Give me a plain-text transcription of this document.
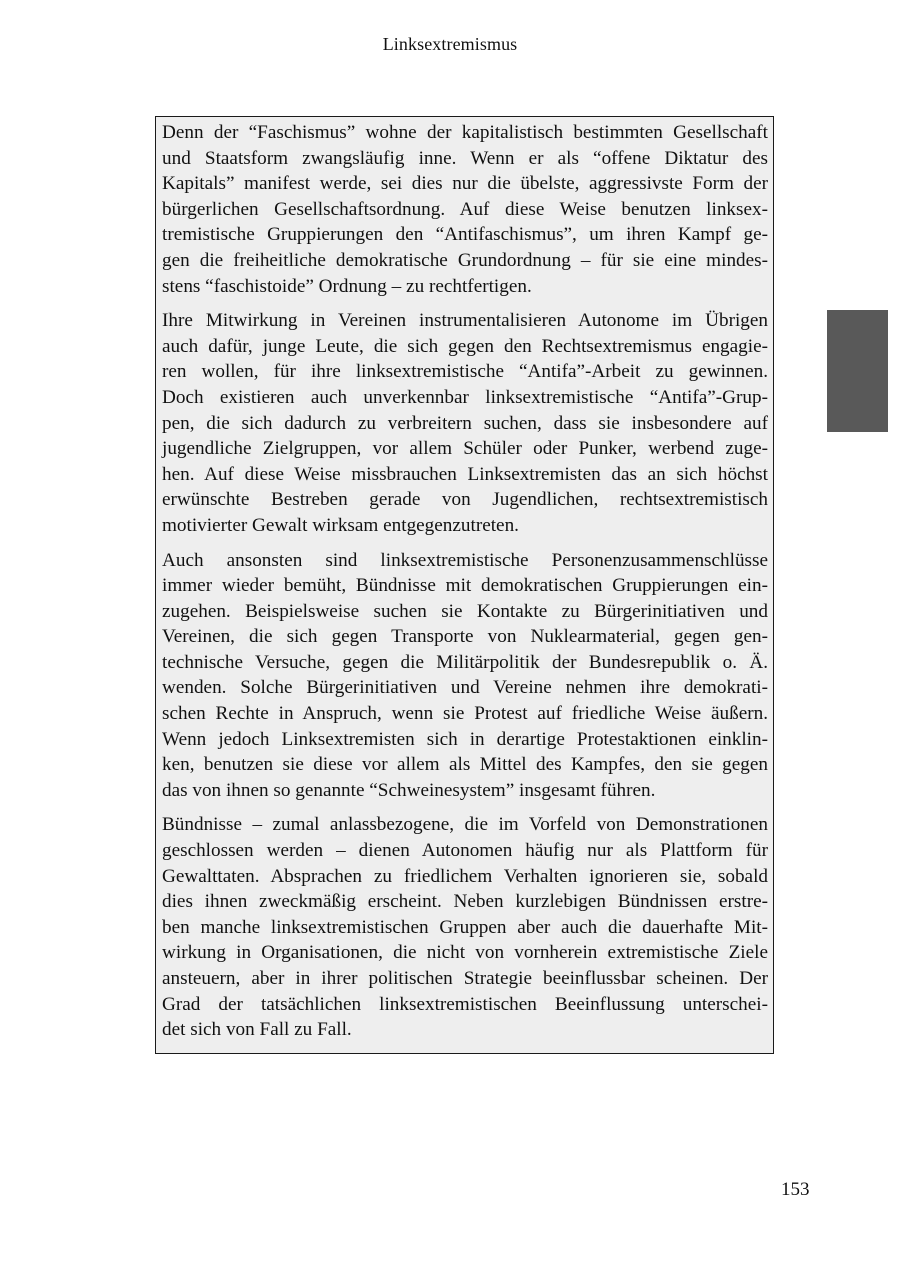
Linksextremismus

Denn der “Faschismus” wohne der kapitalistisch bestimmten Gesellschaft
und Staatsform zwangsläufig inne. Wenn er als “offene Diktatur des
Kapitals” manifest werde, sei dies nur die übelste, aggressivste Form der
bürgerlichen Gesellschaftsordnung. Auf diese Weise benutzen linksex-
tremistische Gruppierungen den “Antifaschismus”, um ihren Kampf ge-
gen die freiheitliche demokratische Grundordnung – für sie eine mindes-
stens “faschistoide” Ordnung – zu rechtfertigen.

Ihre Mitwirkung in Vereinen instrumentalisieren Autonome im Übrigen
auch dafür, junge Leute, die sich gegen den Rechtsextremismus engagie-
ren wollen, für ihre linksextremistische “Antifa”-Arbeit zu gewinnen.
Doch existieren auch unverkennbar linksextremistische “Antifa”-Grup-
pen, die sich dadurch zu verbreitern suchen, dass sie insbesondere auf
jugendliche Zielgruppen, vor allem Schüler oder Punker, werbend zuge-
hen. Auf diese Weise missbrauchen Linksextremisten das an sich höchst
erwünschte Bestreben gerade von Jugendlichen, rechtsextremistisch
motivierter Gewalt wirksam entgegenzutreten.

Auch ansonsten sind linksextremistische Personenzusammenschlüsse
immer wieder bemüht, Bündnisse mit demokratischen Gruppierungen ein-
zugehen. Beispielsweise suchen sie Kontakte zu Bürgerinitiativen und
Vereinen, die sich gegen Transporte von Nuklearmaterial, gegen gen-
technische Versuche, gegen die Militärpolitik der Bundesrepublik o. Ä.
wenden. Solche Bürgerinitiativen und Vereine nehmen ihre demokrati-
schen Rechte in Anspruch, wenn sie Protest auf friedliche Weise äußern.
Wenn jedoch Linksextremisten sich in derartige Protestaktionen einklin-
ken, benutzen sie diese vor allem als Mittel des Kampfes, den sie gegen
das von ihnen so genannte “Schweinesystem” insgesamt führen.

Bündnisse – zumal anlassbezogene, die im Vorfeld von Demonstrationen
geschlossen werden – dienen Autonomen häufig nur als Plattform für
Gewalttaten. Absprachen zu friedlichem Verhalten ignorieren sie, sobald
dies ihnen zweckmäßig erscheint. Neben kurzlebigen Bündnissen erstre-
ben manche linksextremistischen Gruppen aber auch die dauerhafte Mit-
wirkung in Organisationen, die nicht von vornherein extremistische Ziele
ansteuern, aber in ihrer politischen Strategie beeinflussbar scheinen. Der
Grad der tatsächlichen linksextremistischen Beeinflussung unterschei-
det sich von Fall zu Fall.

153
